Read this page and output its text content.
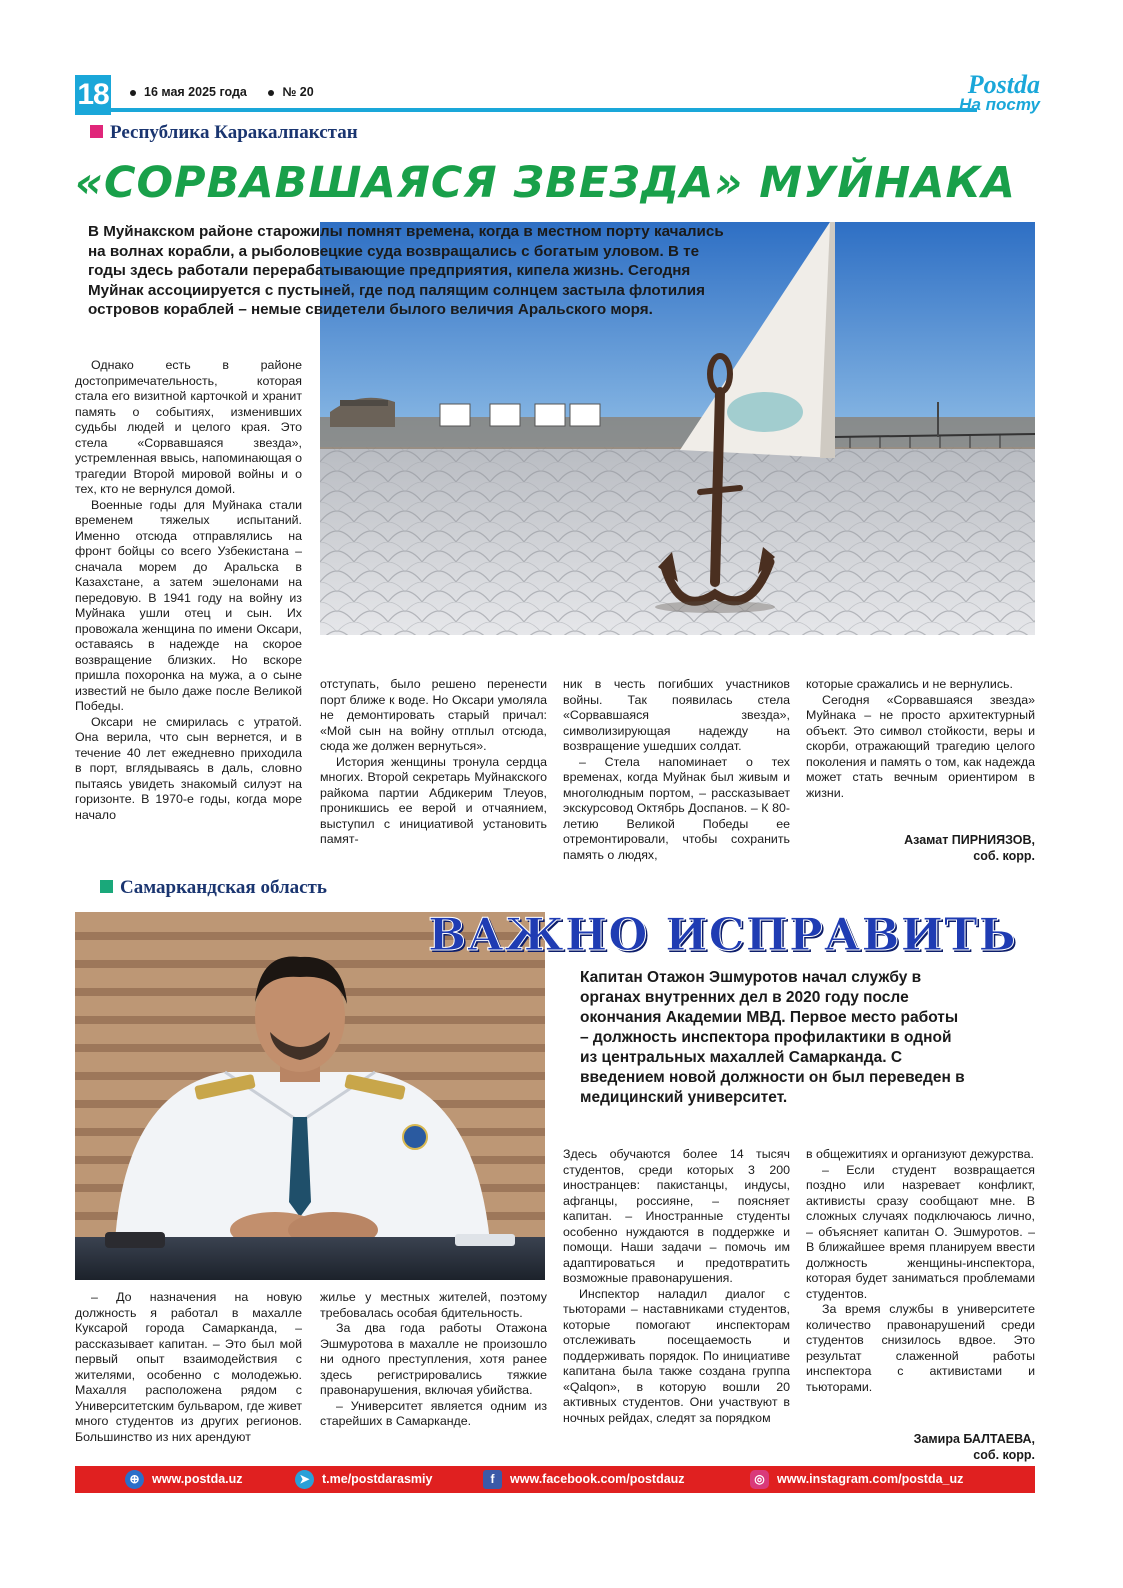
18	16 мая 2025 года	№ 20	Postda
На посту
Республика Каракалпакстан
«СОРВАВШАЯСЯ ЗВЕЗДА» МУЙНАКА
В Муйнакском районе старожилы помнят времена, когда в местном порту качались на волнах корабли, а рыболовецкие суда возвращались с богатым уловом. В те годы здесь работали перерабатывающие предприятия, кипела жизнь. Сегодня Муйнак ассоциируется с пустыней, где под палящим солнцем застыла флотилия островов кораблей – немые свидетели былого величия Аральского моря.

Однако есть в районе достопримечательность, которая стала его визитной карточкой и хранит память о событиях, изменивших судьбы людей и целого края. Это стела «Сорвавшаяся звезда», устремленная ввысь, напоминающая о трагедии Второй мировой войны и о тех, кто не вернулся домой.

Военные годы для Муйнака стали временем тяжелых испытаний. Именно отсюда отправлялись на фронт бойцы со всего Узбекистана – сначала морем до Аральска в Казахстане, а затем эшелонами на передовую. В 1941 году на войну из Муйнака ушли отец и сын. Их провожала женщина по имени Оксари, оставаясь в надежде на скорое возвращение близких. Но вскоре пришла похоронка на мужа, а о сыне известий не было даже после Великой Победы.

Оксари не смирилась с утратой. Она верила, что сын вернется, и в течение 40 лет ежедневно приходила в порт, вглядываясь в даль, словно пытаясь увидеть знакомый силуэт на горизонте. В 1970-е годы, когда море начало

отступать, было решено перенести порт ближе к воде. Но Оксари умоляла не демонтировать старый причал: «Мой сын на войну отплыл отсюда, сюда же должен вернуться».

История женщины тронула сердца многих. Второй секретарь Муйнакского райкома партии Абдикерим Тлеуов, проникшись ее верой и отчаянием, выступил с инициативой установить памят-

ник в честь погибших участников войны. Так появилась стела «Сорвавшаяся звезда», символизирующая надежду на возвращение ушедших солдат.

– Стела напоминает о тех временах, когда Муйнак был живым и многолюдным портом, – рассказывает экскурсовод Октябрь Доспанов. – К 80-летию Великой Победы ее отремонтировали, чтобы сохранить память о людях,

которые сражались и не вернулись.

Сегодня «Сорвавшаяся звезда» Муйнака – не просто архитектурный объект. Это символ стойкости, веры и скорби, отражающий трагедию целого поколения и память о том, как надежда может стать вечным ориентиром в жизни.

Азамат ПИРНИЯЗОВ,
соб. корр.
Самаркандская область
ВАЖНО ИСПРАВИТЬ
Капитан Отажон Эшмуротов начал службу в органах внутренних дел в 2020 году после окончания Академии МВД. Первое место работы – должность инспектора профилактики в одной из центральных махаллей Самарканда. С введением новой должности он был переведен в медицинский университет.

Здесь обучаются более 14 тысяч студентов, среди которых 3 200 иностранцев: пакистанцы, индусы, афганцы, россияне, – поясняет капитан. – Иностранные студенты особенно нуждаются в поддержке и помощи. Наши задачи – помочь им адаптироваться и предотвратить возможные правонарушения.

Инспектор наладил диалог с тьюторами – наставниками студентов, которые помогают инспекторам отслеживать посещаемость и поддерживать порядок. По инициативе капитана была также создана группа «Qalqon», в которую вошли 20 активных студентов. Они участвуют в ночных рейдах, следят за порядком

в общежитиях и организуют дежурства.

– Если студент возвращается поздно или назревает конфликт, активисты сразу сообщают мне. В сложных случаях подключаюсь лично, – объясняет капитан О. Эшмуротов. – В ближайшее время планируем ввести должность женщины-инспектора, которая будет заниматься проблемами студентов.

За время службы в университете количество правонарушений среди студентов снизилось вдвое. Это результат слаженной работы инспектора с активистами и тьюторами.

– До назначения на новую должность я работал в махалле Куксарой города Самарканда, – рассказывает капитан. – Это был мой первый опыт взаимодействия с жителями, особенно с молодежью. Махалля расположена рядом с Университетским бульваром, где живет много студентов из других регионов. Большинство из них арендуют

жилье у местных жителей, поэтому требовалась особая бдительность.

За два года работы Отажона Эшмуротова в махалле не произошло ни одного преступления, хотя ранее здесь регистрировались тяжкие правонарушения, включая убийства.

– Университет является одним из старейших в Самарканде.

Замира БАЛТАЕВА,
соб. корр.
⊕ www.postda.uz	➤ t.me/postdarasmiy	f www.facebook.com/postdauz	◎ www.instagram.com/postda_uz
